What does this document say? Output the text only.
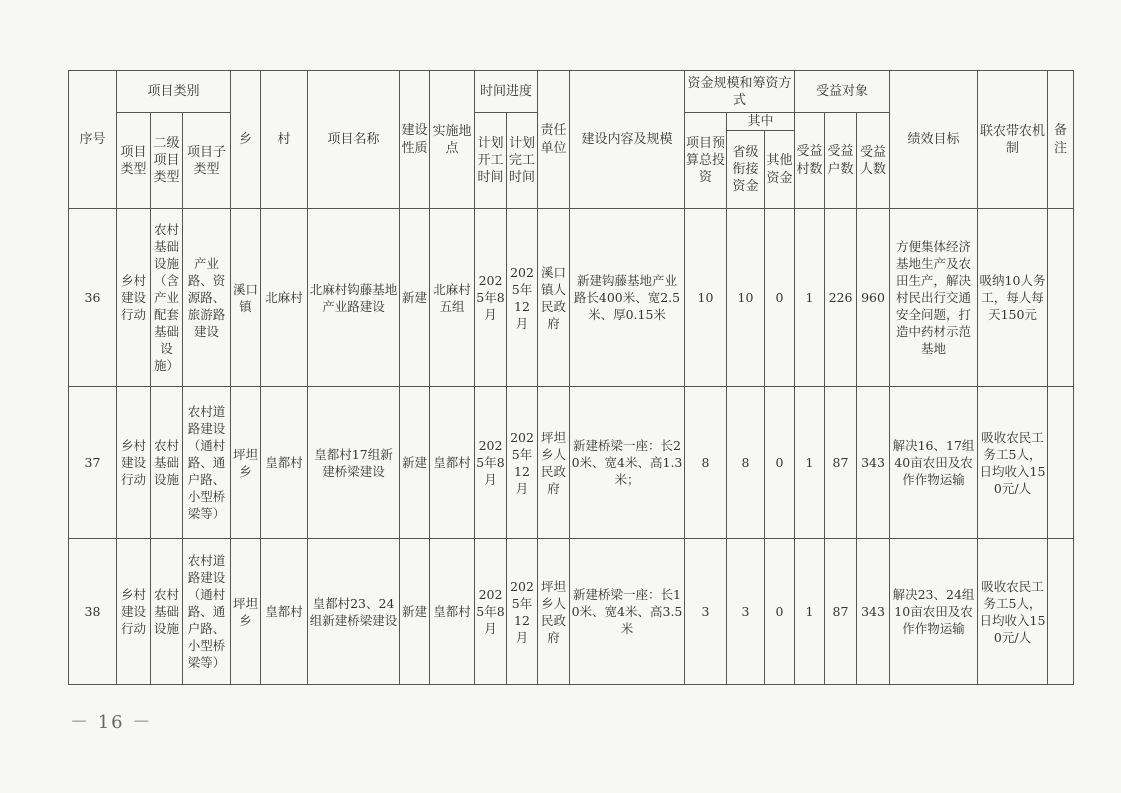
序号	项目类别			乡	村	项目名称	建设性质	实施地点	时间进度		责任单位	建设内容及规模	资金规模和筹资方式			受益对象			绩效目标	联农带农机制	备注
	项目类型	二级项目类型	项目子类型						计划开工时间	计划完工时间			项目预算总投资	其中		受益村数	受益户数	受益人数			
														省级衔接资金	其他资金						
36	乡村建设行动	农村基础设施（含产业配套基础设施）	产业路、资源路、旅游路建设	溪口镇	北麻村	北麻村钩藤基地产业路建设	新建	北麻村五组	2025年8月	2025年12月	溪口镇人民政府	新建钩藤基地产业路长400米、宽2.5米、厚0.15米	10	10	0	1	226	960	方便集体经济基地生产及农田生产，解决村民出行交通安全问题，打造中药材示范基地	吸纳10人务工，每人每天150元	
37	乡村建设行动	农村基础设施	农村道路建设（通村路、通户路、小型桥梁等）	坪坦乡	皇都村	皇都村17组新建桥梁建设	新建	皇都村	2025年8月	2025年12月	坪坦乡人民政府	新建桥梁一座：长20米、宽4米、高1.3米；	8	8	0	1	87	343	解决16、17组40亩农田及农作作物运输	吸收农民工务工5人，日均收入150元/人	
38	乡村建设行动	农村基础设施	农村道路建设（通村路、通户路、小型桥梁等）	坪坦乡	皇都村	皇都村23、24组新建桥梁建设	新建	皇都村	2025年8月	2025年12月	坪坦乡人民政府	新建桥梁一座：长10米、宽4米、高3.5米	3	3	0	1	87	343	解决23、24组10亩农田及农作作物运输	吸收农民工务工5人，日均收入150元/人	
－ 16 －
